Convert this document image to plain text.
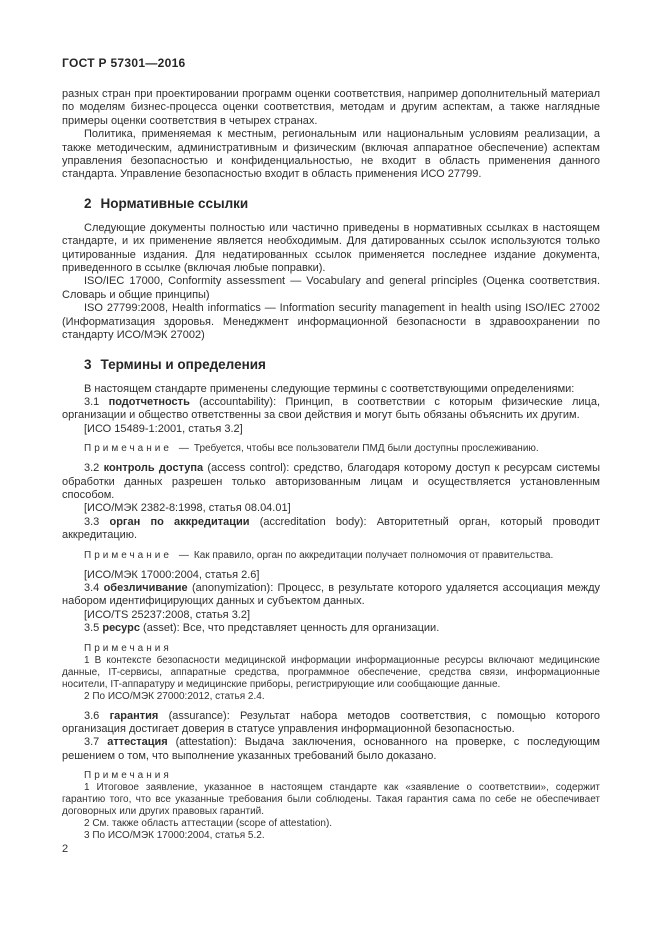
ГОСТ Р 57301—2016

разных стран при проектировании программ оценки соответствия, например дополнительный материал по моделям бизнес-процесса оценки соответствия, методам и другим аспектам, а также наглядные примеры оценки соответствия в четырех странах.

Политика, применяемая к местным, региональным или национальным условиям реализации, а также методическим, административным и физическим (включая аппаратное обеспечение) аспектам управления безопасностью и конфиденциальностью, не входит в область применения данного стандарта. Управление безопасностью входит в область применения ИСО 27799.

2 Нормативные ссылки

Следующие документы полностью или частично приведены в нормативных ссылках в настоящем стандарте, и их применение является необходимым. Для датированных ссылок используются только цитированные издания. Для недатированных ссылок применяется последнее издание документа, приведенного в ссылке (включая любые поправки).

ISO/IEC 17000, Conformity assessment — Vocabulary and general principles (Оценка соответствия. Словарь и общие принципы)

ISO 27799:2008, Health informatics — Information security management in health using ISO/IEC 27002 (Информатизация здоровья. Менеджмент информационной безопасности в здравоохранении по стандарту ИСО/МЭК 27002)

3 Термины и определения

В настоящем стандарте применены следующие термины с соответствующими определениями:

3.1 подотчетность (accountability): Принцип, в соответствии с которым физические лица, организации и общество ответственны за свои действия и могут быть обязаны объяснить их другим.

[ИСО 15489-1:2001, статья 3.2]

Примечание — Требуется, чтобы все пользователи ПМД были доступны прослеживанию.

3.2 контроль доступа (access control): средство, благодаря которому доступ к ресурсам системы обработки данных разрешен только авторизованным лицам и осуществляется установленным способом.

[ИСО/МЭК 2382-8:1998, статья 08.04.01]

3.3 орган по аккредитации (accreditation body): Авторитетный орган, который проводит аккредитацию.

Примечание — Как правило, орган по аккредитации получает полномочия от правительства.

[ИСО/МЭК 17000:2004, статья 2.6]

3.4 обезличивание (anonymization): Процесс, в результате которого удаляется ассоциация между набором идентифицирующих данных и субъектом данных.

[ИСО/TS 25237:2008, статья 3.2]

3.5 ресурс (asset): Все, что представляет ценность для организации.

Примечания

1 В контексте безопасности медицинской информации информационные ресурсы включают медицинские данные, IT-сервисы, аппаратные средства, программное обеспечение, средства связи, информационные носители, IT-аппаратуру и медицинские приборы, регистрирующие или сообщающие данные.

2 По ИСО/МЭК 27000:2012, статья 2.4.

3.6 гарантия (assurance): Результат набора методов соответствия, с помощью которого организация достигает доверия в статусе управления информационной безопасностью.

3.7 аттестация (attestation): Выдача заключения, основанного на проверке, с последующим решением о том, что выполнение указанных требований было доказано.

Примечания

1 Итоговое заявление, указанное в настоящем стандарте как «заявление о соответствии», содержит гарантию того, что все указанные требования были соблюдены. Такая гарантия сама по себе не обеспечивает договорных или других правовых гарантий.

2 См. также область аттестации (scope of attestation).

3 По ИСО/МЭК 17000:2004, статья 5.2.

2
